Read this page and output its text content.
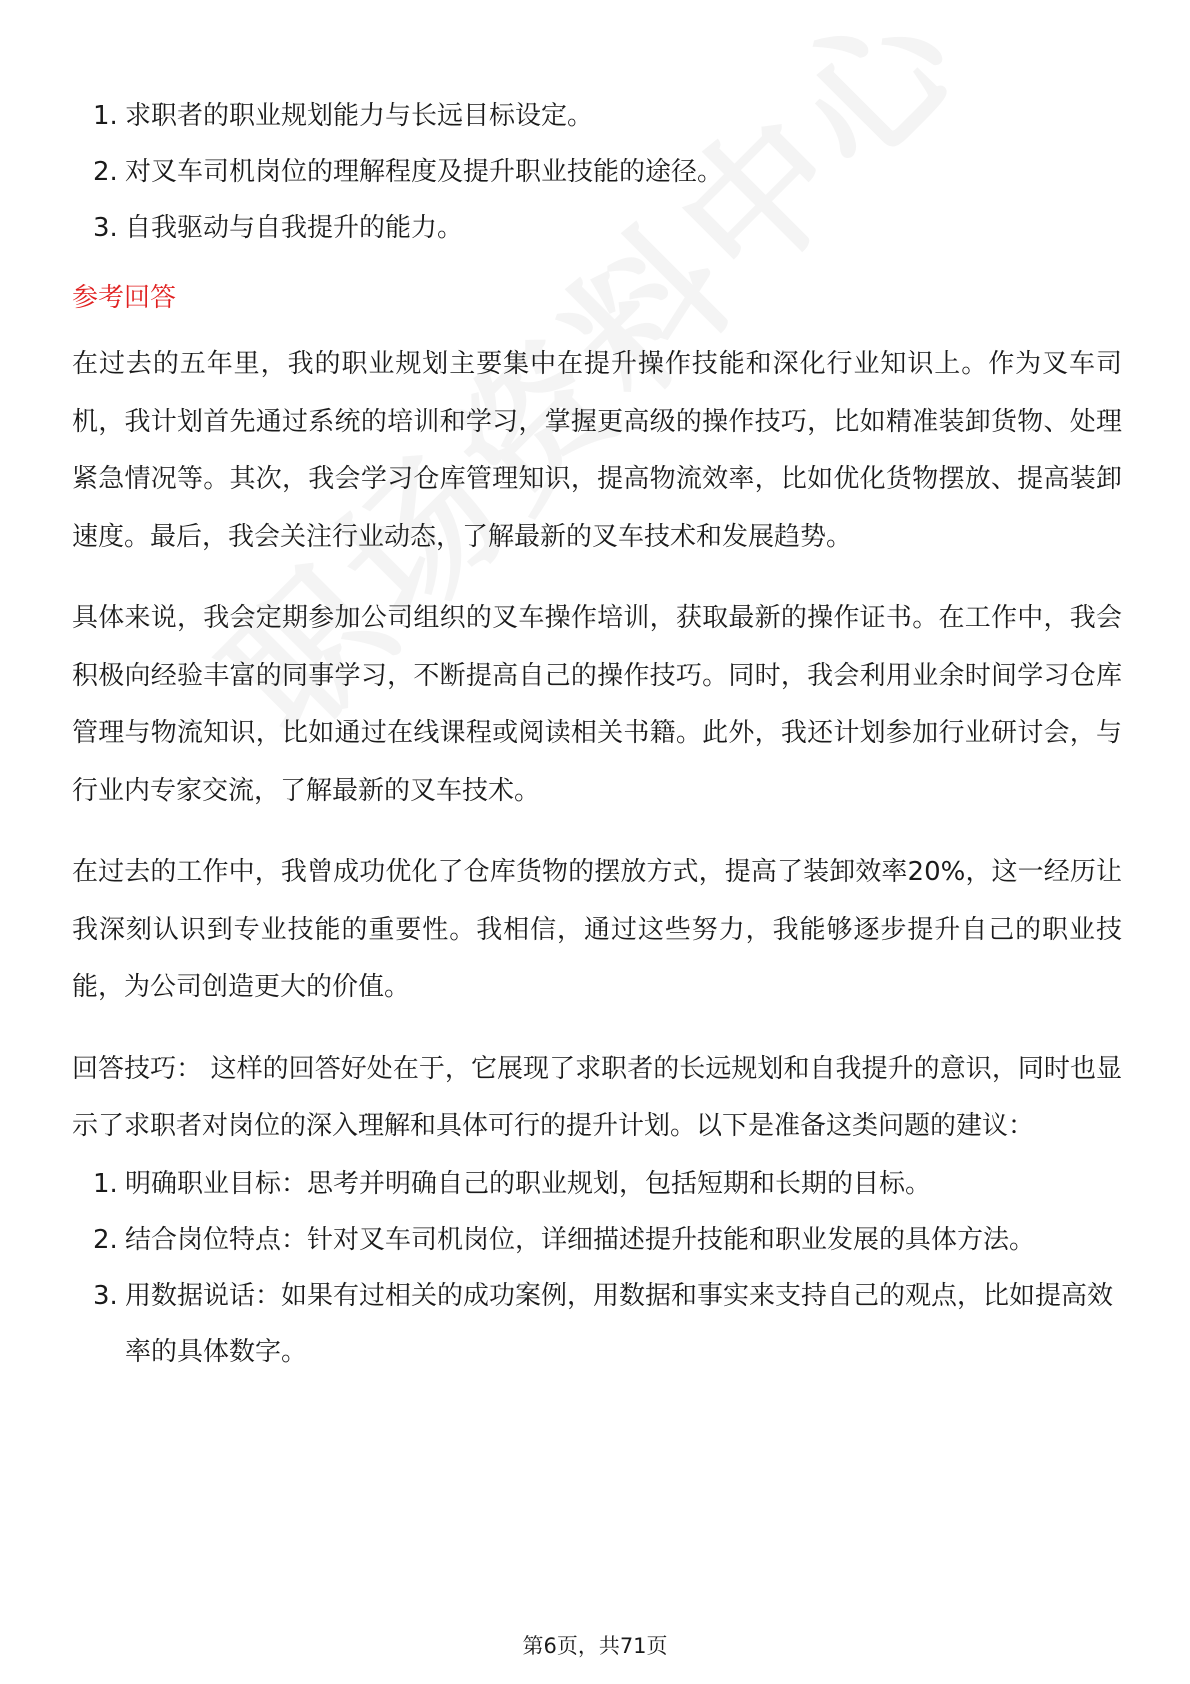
1. 求职者的职业规划能力与长远目标设定。
2. 对叉车司机岗位的理解程度及提升职业技能的途径。
3. 自我驱动与自我提升的能力。
参考回答

在过去的五年里，我的职业规划主要集中在提升操作技能和深化行业知识上。作为叉车司机，我计划首先通过系统的培训和学习，掌握更高级的操作技巧，比如精准装卸货物、处理紧急情况等。其次，我会学习仓库管理知识，提高物流效率，比如优化货物摆放、提高装卸速度。最后，我会关注行业动态，了解最新的叉车技术和发展趋势。

具体来说，我会定期参加公司组织的叉车操作培训，获取最新的操作证书。在工作中，我会积极向经验丰富的同事学习，不断提高自己的操作技巧。同时，我会利用业余时间学习仓库管理与物流知识，比如通过在线课程或阅读相关书籍。此外，我还计划参加行业研讨会，与行业内专家交流，了解最新的叉车技术。

在过去的工作中，我曾成功优化了仓库货物的摆放方式，提高了装卸效率20%，这一经历让我深刻认识到专业技能的重要性。我相信，通过这些努力，我能够逐步提升自己的职业技能，为公司创造更大的价值。

回答技巧： 这样的回答好处在于，它展现了求职者的长远规划和自我提升的意识，同时也显示了求职者对岗位的深入理解和具体可行的提升计划。以下是准备这类问题的建议：

1. 明确职业目标：思考并明确自己的职业规划，包括短期和长期的目标。
2. 结合岗位特点：针对叉车司机岗位，详细描述提升技能和职业发展的具体方法。
3. 用数据说话：如果有过相关的成功案例，用数据和事实来支持自己的观点，比如提高效率的具体数字。
第6页，共71页
